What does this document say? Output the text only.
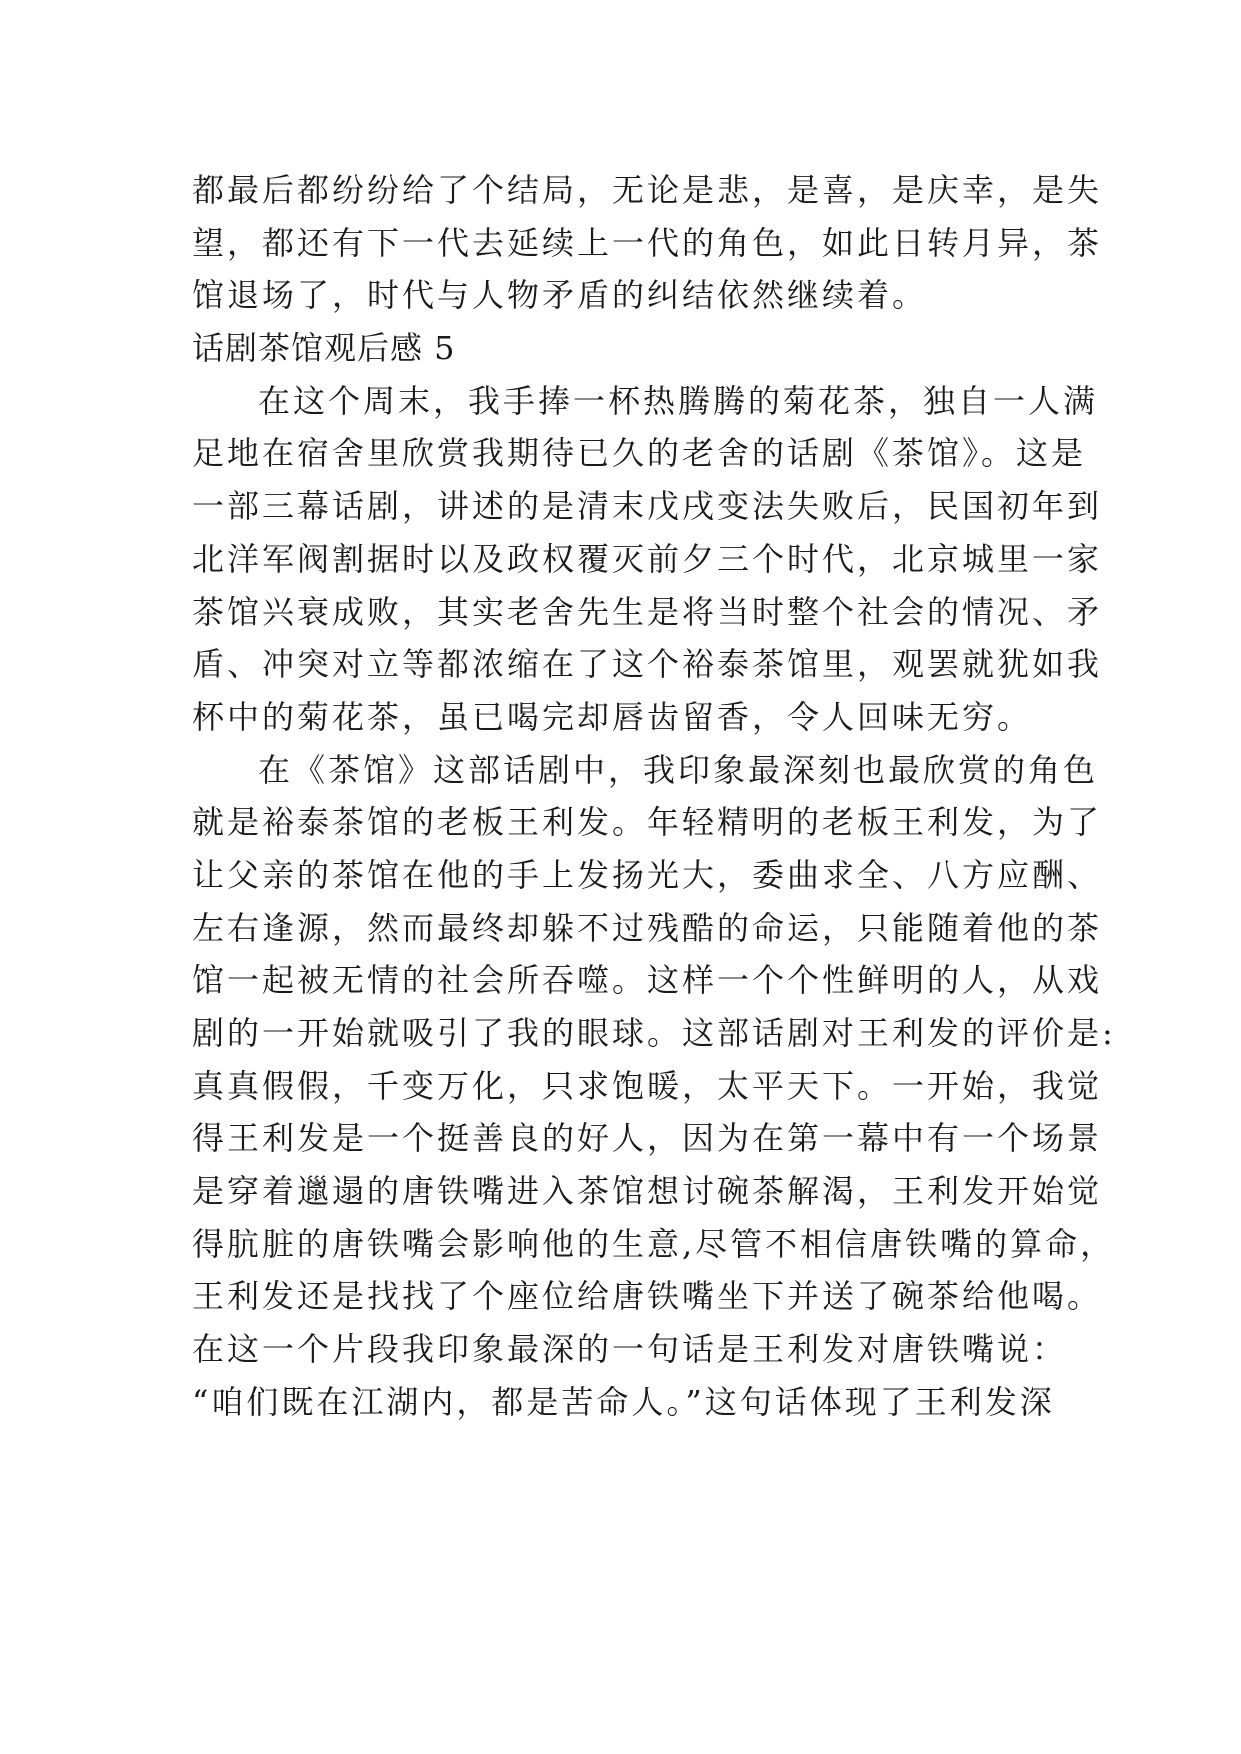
都最后都纷纷给了个结局，无论是悲，是喜，是庆幸，是失
望，都还有下一代去延续上一代的角色，如此日转月异，茶
馆退场了，时代与人物矛盾的纠结依然继续着。
话剧茶馆观后感 5
在这个周末，我手捧一杯热腾腾的菊花茶，独自一人满
足地在宿舍里欣赏我期待已久的老舍的话剧《茶馆》。这是
一部三幕话剧，讲述的是清末戊戌变法失败后，民国初年到
北洋军阀割据时以及政权覆灭前夕三个时代，北京城里一家
茶馆兴衰成败，其实老舍先生是将当时整个社会的情况、矛
盾、冲突对立等都浓缩在了这个裕泰茶馆里，观罢就犹如我
杯中的菊花茶，虽已喝完却唇齿留香，令人回味无穷。
在《茶馆》这部话剧中，我印象最深刻也最欣赏的角色
就是裕泰茶馆的老板王利发。年轻精明的老板王利发，为了
让父亲的茶馆在他的手上发扬光大，委曲求全、八方应酬、
左右逢源，然而最终却躲不过残酷的命运，只能随着他的茶
馆一起被无情的社会所吞噬。这样一个个性鲜明的人，从戏
剧的一开始就吸引了我的眼球。这部话剧对王利发的评价是:
真真假假，千变万化，只求饱暖，太平天下。一开始，我觉
得王利发是一个挺善良的好人，因为在第一幕中有一个场景
是穿着邋遢的唐铁嘴进入茶馆想讨碗茶解渴，王利发开始觉
得肮脏的唐铁嘴会影响他的生意,尽管不相信唐铁嘴的算命，
王利发还是找找了个座位给唐铁嘴坐下并送了碗茶给他喝。
在这一个片段我印象最深的一句话是王利发对唐铁嘴说：
“咱们既在江湖内，都是苦命人。”这句话体现了王利发深
